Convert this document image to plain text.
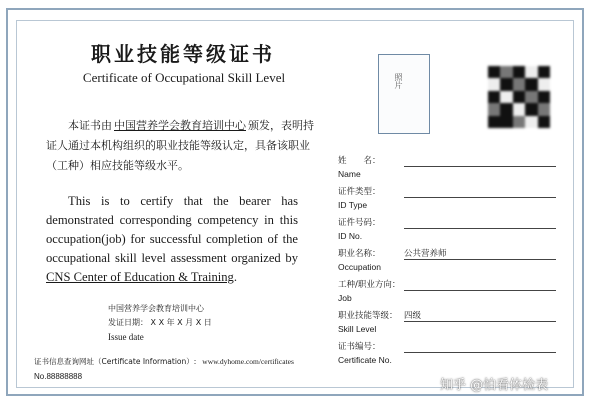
职业技能等级证书
Certificate of Occupational Skill Level	照片
本证书由 中国营养学会教育培训中心 颁发，表明持证人通过本机构组织的职业技能等级认定，具备该职业（工种）相应技能等级水平。
This is to certify that the bearer has demonstrated corresponding competency in this occupation(job) for successful completion of the occupational skill level assessment organized by CNS Center of Education & Training.
中国营养学会教育培训中心
发证日期： X X 年 X 月 X 日
Issue date
证书信息查询网址（Certificate Information）: www.dyhome.com/certificates
No.88888888
姓　　名：
Name
证件类型：
ID Type
证件号码：
ID No.
职业名称：	公共营养师
Occupation
工种/职业方向：
Job
职业技能等级： 四级
Skill Level
证书编号：
Certificate No.
知乎 @怕看体检表
